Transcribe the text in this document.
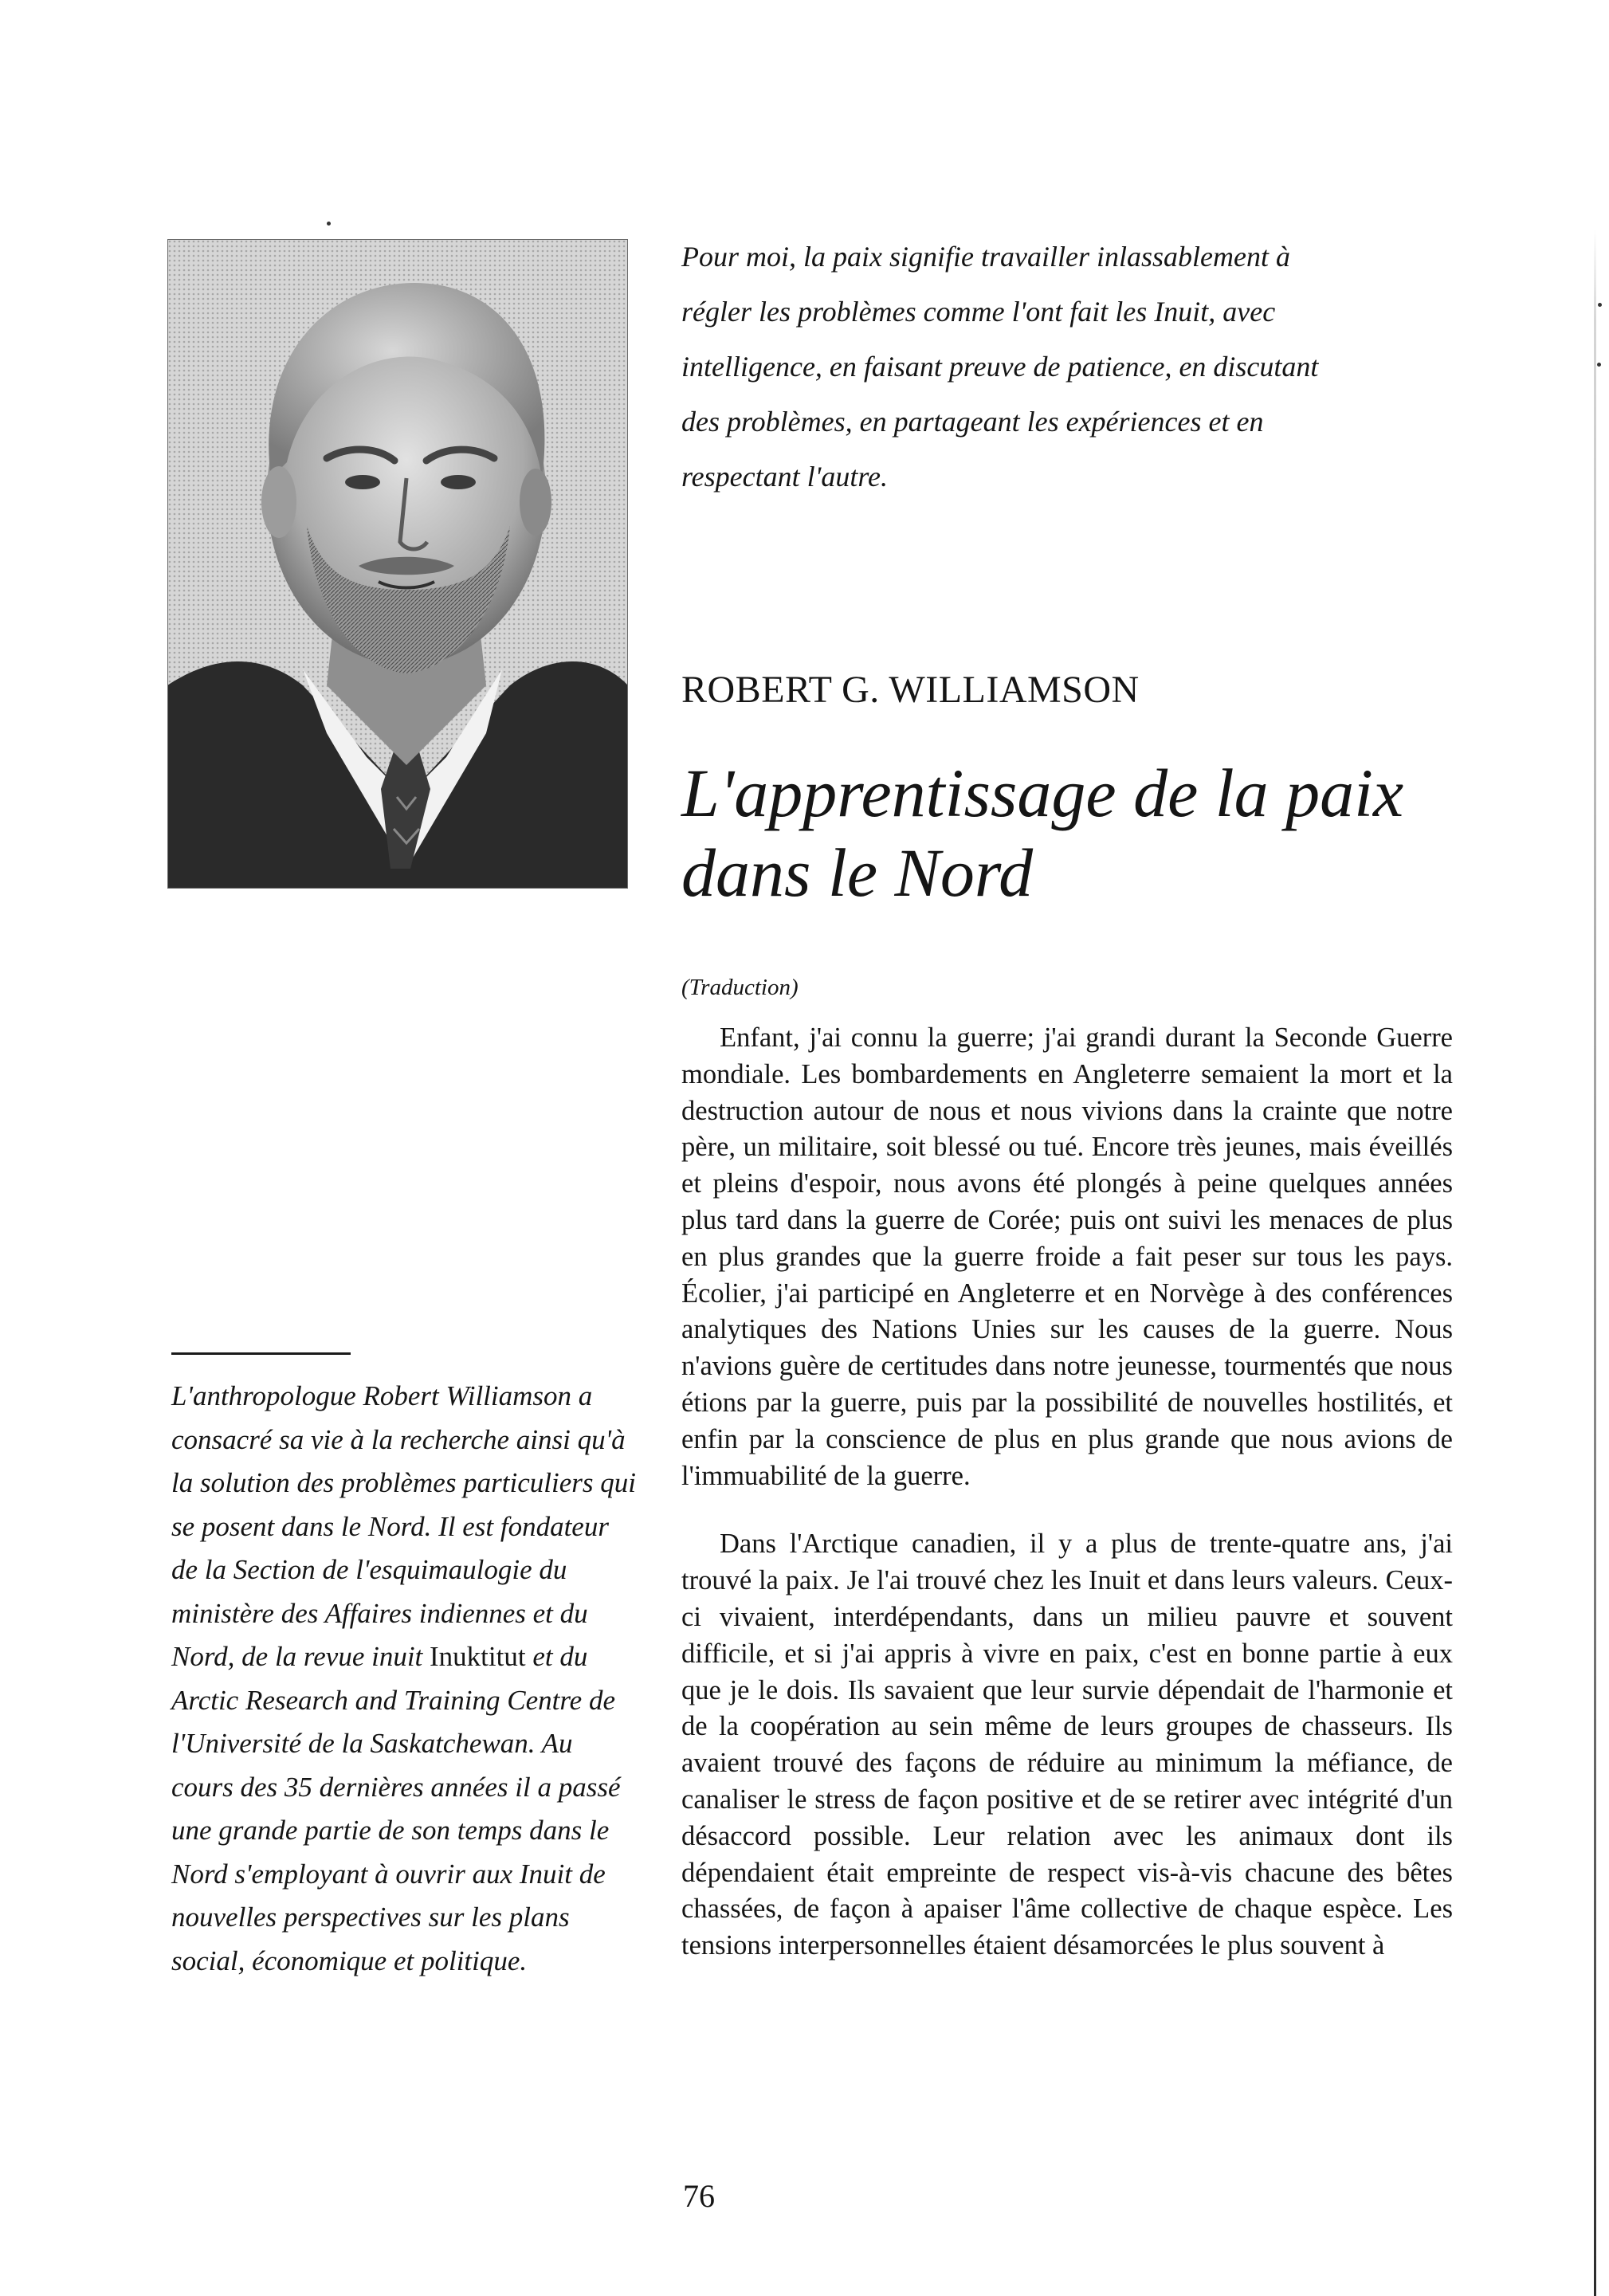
Pour moi, la paix signifie travailler inlassablement à

régler les problèmes comme l'ont fait les Inuit, avec

intelligence, en faisant preuve de patience, en discutant

des problèmes, en partageant les expériences et en

respectant l'autre.

ROBERT G. WILLIAMSON
L'apprentissage de la paix
dans le Nord
L'anthropologue Robert Williamson a consacré sa vie à la recherche ainsi qu'à la solution des problèmes particuliers qui se posent dans le Nord. Il est fondateur de la Section de l'esquimaulogie du ministère des Affaires indiennes et du Nord, de la revue inuit Inuktitut et du Arctic Research and Training Centre de l'Université de la Saskatchewan. Au cours des 35 dernières années il a passé une grande partie de son temps dans le Nord s'employant à ouvrir aux Inuit de nouvelles perspectives sur les plans social, économique et politique.
(Traduction)

Enfant, j'ai connu la guerre; j'ai grandi durant la Seconde Guerre mondiale. Les bombardements en Angleterre semaient la mort et la destruction autour de nous et nous vivions dans la crainte que notre père, un militaire, soit blessé ou tué. Encore très jeunes, mais éveillés et pleins d'espoir, nous avons été plongés à peine quelques années plus tard dans la guerre de Corée; puis ont suivi les menaces de plus en plus grandes que la guerre froide a fait peser sur tous les pays. Écolier, j'ai participé en Angleterre et en Norvège à des conférences analytiques des Nations Unies sur les causes de la guerre. Nous n'avions guère de certitudes dans notre jeunesse, tourmentés que nous étions par la guerre, puis par la possibilité de nouvelles hostilités, et enfin par la conscience de plus en plus grande que nous avions de l'immuabilité de la guerre.

Dans l'Arctique canadien, il y a plus de trente-quatre ans, j'ai trouvé la paix. Je l'ai trouvé chez les Inuit et dans leurs valeurs. Ceux-ci vivaient, interdépendants, dans un milieu pauvre et souvent difficile, et si j'ai appris à vivre en paix, c'est en bonne partie à eux que je le dois. Ils savaient que leur survie dépendait de l'harmonie et de la coopération au sein même de leurs groupes de chasseurs. Ils avaient trouvé des façons de réduire au minimum la méfiance, de canaliser le stress de façon positive et de se retirer avec intégrité d'un désaccord possible. Leur relation avec les animaux dont ils dépendaient était empreinte de respect vis-à-vis chacune des bêtes chassées, de façon à apaiser l'âme collective de chaque espèce. Les tensions interpersonnelles étaient désamorcées le plus souvent à

76
